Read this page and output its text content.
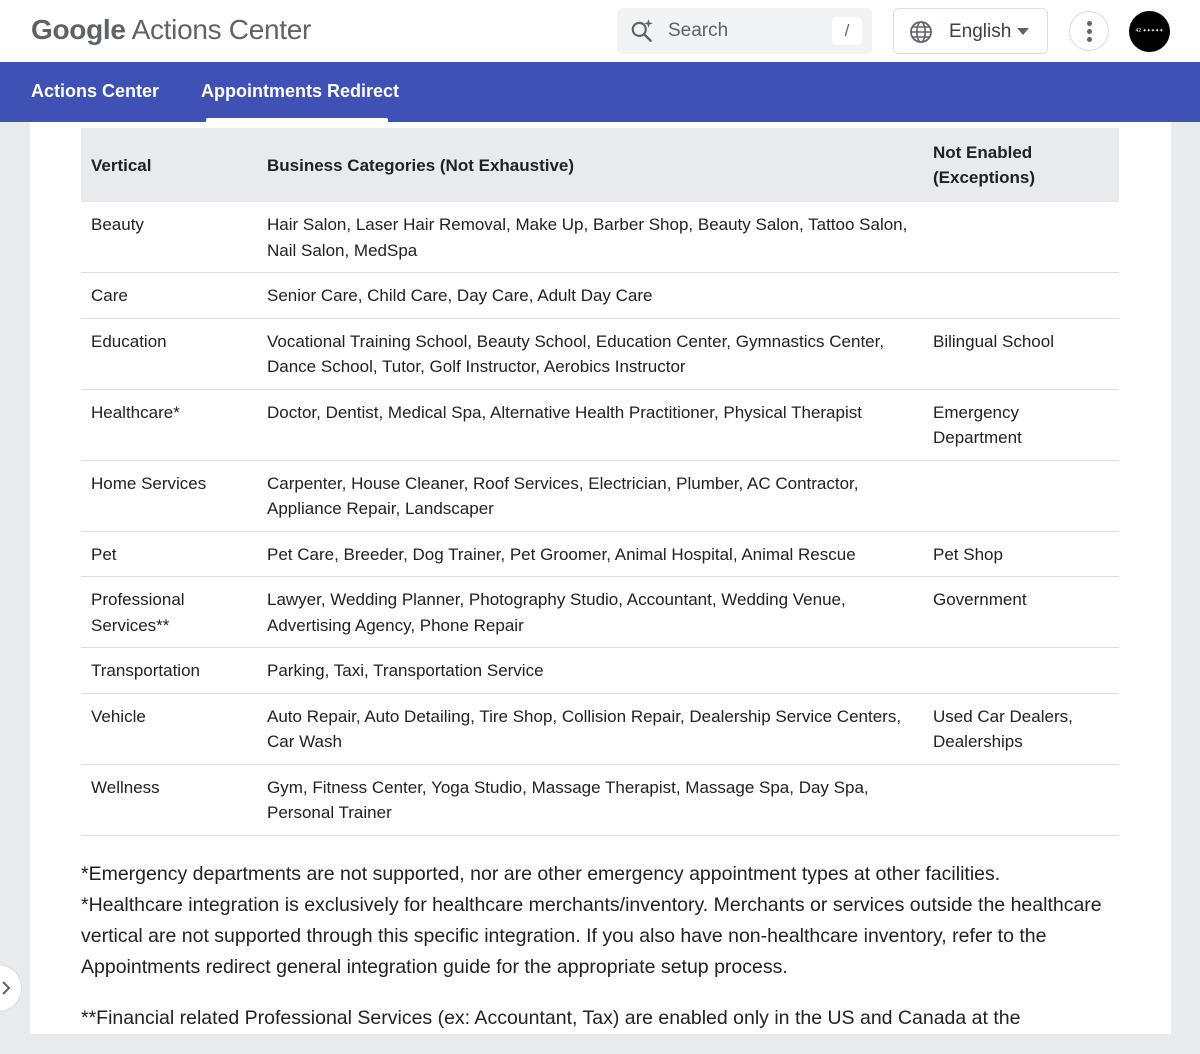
Google Actions Center	Search	/	English	42 ✦✦✦✦✦
Actions Center Appointments Redirect
Vertical	Business Categories (Not Exhaustive)	Not Enabled (Exceptions)
Beauty	Hair Salon, Laser Hair Removal, Make Up, Barber Shop, Beauty Salon, Tattoo Salon, Nail Salon, MedSpa	
Care	Senior Care, Child Care, Day Care, Adult Day Care	
Education	Vocational Training School, Beauty School, Education Center, Gymnastics Center, Dance School, Tutor, Golf Instructor, Aerobics Instructor	Bilingual School
Healthcare*	Doctor, Dentist, Medical Spa, Alternative Health Practitioner, Physical Therapist	Emergency Department
Home Services	Carpenter, House Cleaner, Roof Services, Electrician, Plumber, AC Contractor, Appliance Repair, Landscaper	
Pet	Pet Care, Breeder, Dog Trainer, Pet Groomer, Animal Hospital, Animal Rescue	Pet Shop
Professional Services**	Lawyer, Wedding Planner, Photography Studio, Accountant, Wedding Venue, Advertising Agency, Phone Repair	Government
Transportation	Parking, Taxi, Transportation Service	
Vehicle	Auto Repair, Auto Detailing, Tire Shop, Collision Repair, Dealership Service Centers, Car Wash	Used Car Dealers, Dealerships
Wellness	Gym, Fitness Center, Yoga Studio, Massage Therapist, Massage Spa, Day Spa, Personal Trainer	

*Emergency departments are not supported, nor are other emergency appointment types at other facilities.
*Healthcare integration is exclusively for healthcare merchants/inventory. Merchants or services outside the healthcare vertical are not supported through this specific integration. If you also have non-healthcare inventory, refer to the Appointments redirect general integration guide for the appropriate setup process.

**Financial related Professional Services (ex: Accountant, Tax) are enabled only in the US and Canada at the
